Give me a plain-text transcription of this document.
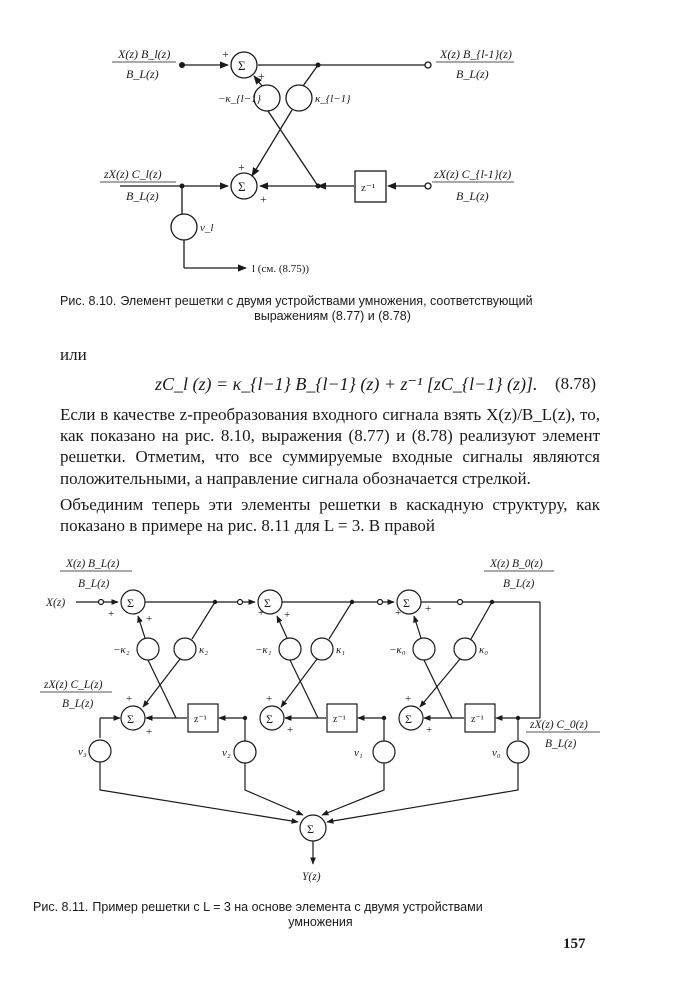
X(z) B_l(z)
B_L(z)
X(z) B_{l-1}(z)
B_L(z)
zX(z) C_l(z)
B_L(z)
zX(z) C_{l-1}(z)
B_L(z)
Σ
Σ
+
+
+
+
−κ_{l−1}	κ_{l−1}
z⁻¹
v_l
l (см. (8.75))
Рис. 8.10. Элемент решетки с двумя устройствами умножения, соответствующий
выражениям (8.77) и (8.78)
или
zC_l (z) = κ_{l−1} B_{l−1} (z) + z⁻¹ [zC_{l−1} (z)]. (8.78)
Если в качестве z-преобразования входного сигнала взять X(z)/B_L(z), то, как показано на рис. 8.10, выражения (8.77) и (8.78) реализуют элемент решетки. Отметим, что все суммируемые входные сигналы являются положительными, а направление сигнала обозначается стрелкой.
Объединим теперь эти элементы решетки в каскадную структуру, как показано в примере на рис. 8.11 для L = 3. В правой
X(z) B_L(z)
B_L(z)
X(z)
X(z) B_0(z)
B_L(z)
zX(z) C_L(z)
B_L(z)
zX(z) C_0(z)
B_L(z)
Σ	Σ	Σ
Σ	Σ	Σ
Σ
+	+	+ +	+ +
+
+
+
+
+
+
−κ₂	κ₂	−κ₁	κ₁	−κ₀	κ₀
v₃	v₂	v₁	v₀
z⁻¹	z⁻¹	z⁻¹
Y(z)
Рис. 8.11. Пример решетки с L = 3 на основе элемента с двумя устройствами
умножения
157
